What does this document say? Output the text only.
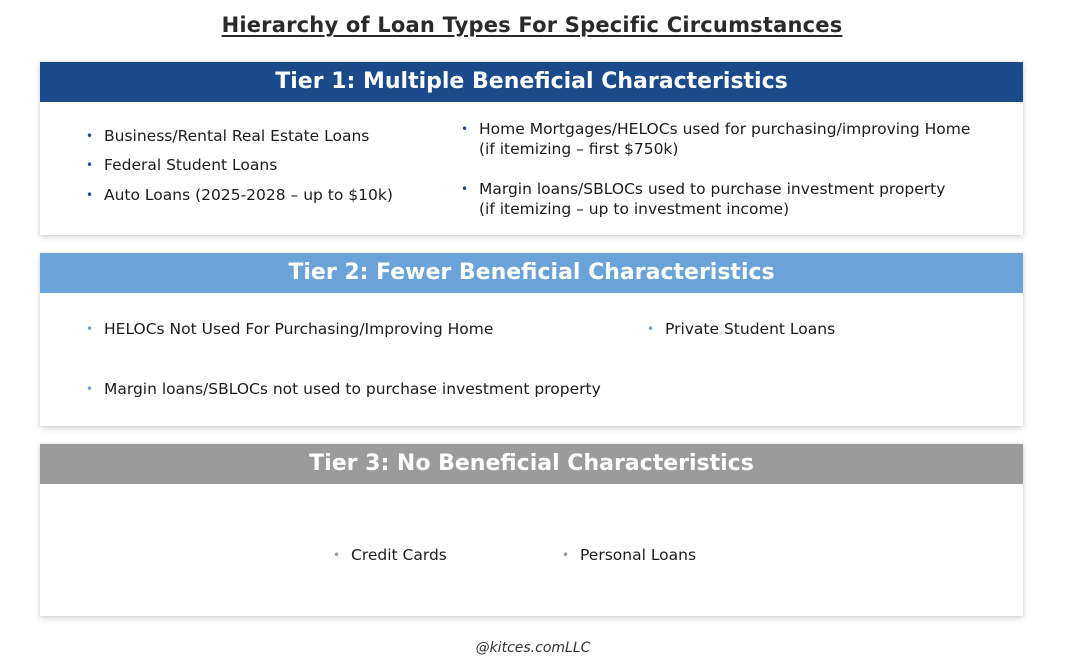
Hierarchy of Loan Types For Specific Circumstances
Tier 1: Multiple Beneficial Characteristics
• Business/Rental Real Estate Loans
• Federal Student Loans
• Auto Loans (2025-2028 – up to $10k)
• Home Mortgages/HELOCs used for purchasing/improving Home
(if itemizing – first $750k)
• Margin loans/SBLOCs used to purchase investment property
(if itemizing – up to investment income)
Tier 2: Fewer Beneficial Characteristics
• HELOCs Not Used For Purchasing/Improving Home	• Private Student Loans
• Margin loans/SBLOCs not used to purchase investment property
Tier 3: No Beneficial Characteristics
• Credit Cards	• Personal Loans
@kitces.comLLC
